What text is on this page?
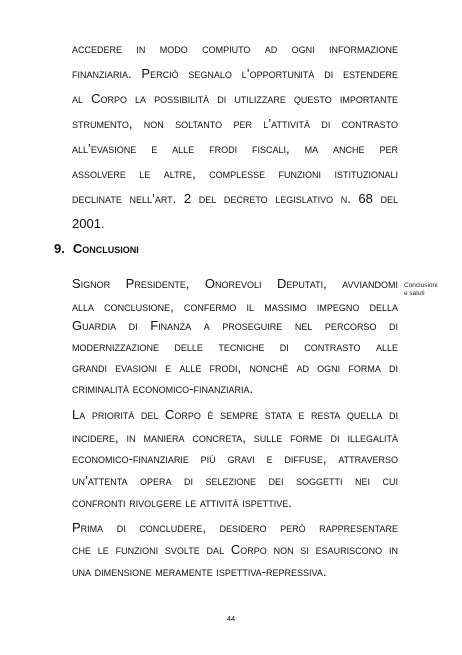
accedere in modo compiuto ad ogni informazione
finanziaria. Perciò segnalo l’opportunità di estendere
al Corpo la possibilità di utilizzare questo importante
strumento, non soltanto per l’attività di contrasto
all’evasione e alle frodi fiscali, ma anche per
assolvere le altre, complesse funzioni istituzionali
declinate nell’art. 2 del decreto legislativo n. 68 del
2001.
9. Conclusioni
Conclusioni
e saluti
Signor Presidente, Onorevoli Deputati, avviandomi
alla conclusione, confermo il massimo impegno della
Guardia di Finanza a proseguire nel percorso di
modernizzazione delle tecniche di contrasto alle
grandi evasioni e alle frodi, nonché ad ogni forma di
criminalità economico-finanziaria.
La priorità del Corpo è sempre stata e resta quella di
incidere, in maniera concreta, sulle forme di illegalità
economico-finanziarie più gravi e diffuse, attraverso
un’attenta opera di selezione dei soggetti nei cui
confronti rivolgere le attività ispettive.
Prima di concludere, desidero però rappresentare
che le funzioni svolte dal Corpo non si esauriscono in
una dimensione meramente ispettiva-repressiva.
44
